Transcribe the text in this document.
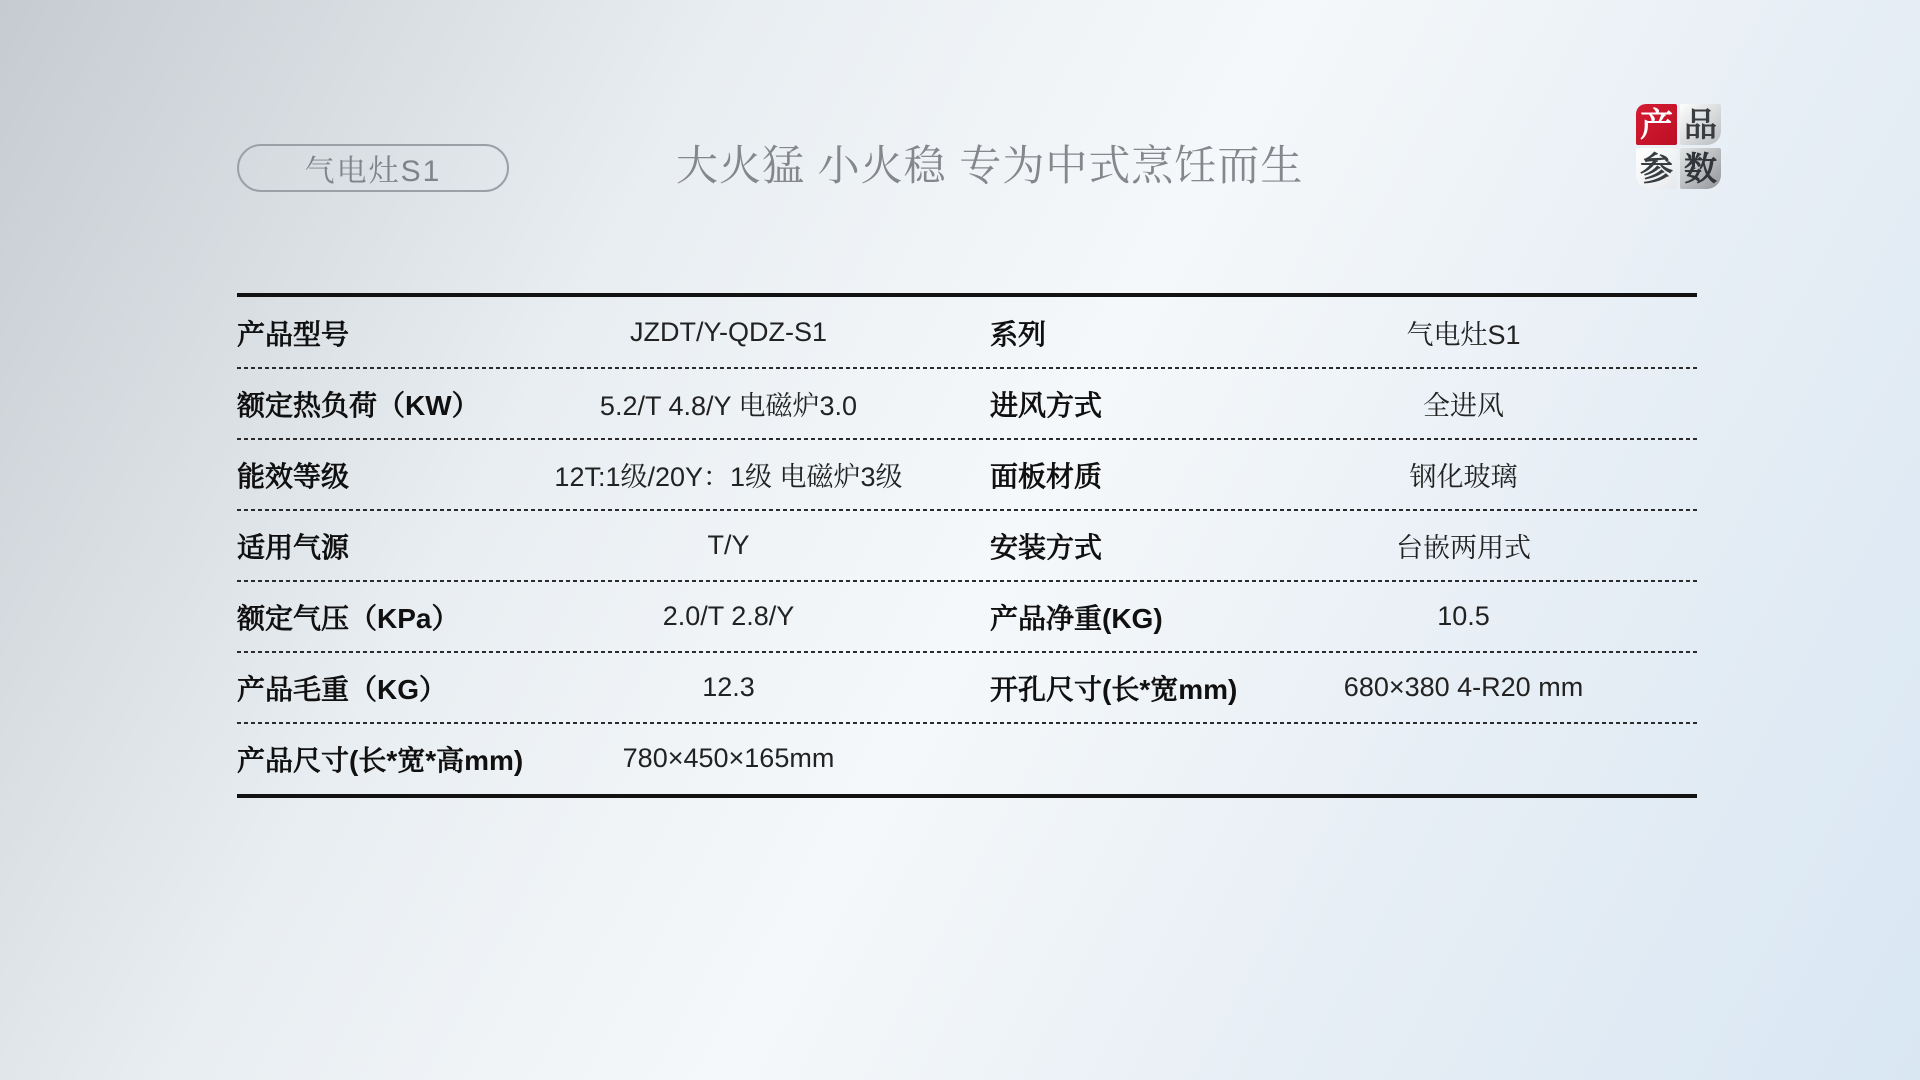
气电灶S1	大火猛 小火稳 专为中式烹饪而生
产 品
参 数
产品型号	JZDT/Y-QDZ-S1	系列	气电灶S1
额定热负荷（KW）	5.2/T 4.8/Y 电磁炉3.0	进风方式	全进风
能效等级	12T:1级/20Y：1级 电磁炉3级	面板材质	钢化玻璃
适用气源	T/Y	安装方式	台嵌两用式
额定气压（KPa）	2.0/T 2.8/Y	产品净重(KG)	10.5
产品毛重（KG）	12.3	开孔尺寸(长*宽mm)	680×380 4-R20 mm
产品尺寸(长*宽*高mm)	780×450×165mm
